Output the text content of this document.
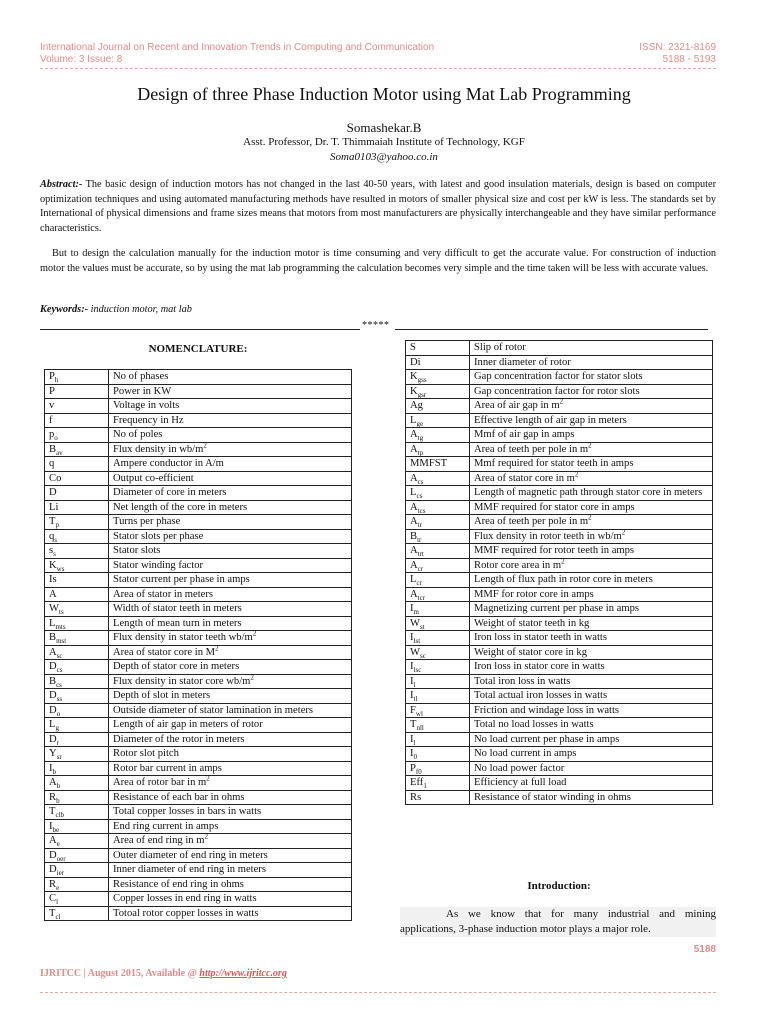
International Journal on Recent and Innovation Trends in Computing and Communication
Volume: 3 Issue: 8
ISSN: 2321-8169
5188 - 5193
Design of three Phase Induction Motor using Mat Lab Programming
Somashekar.B
Asst. Professor, Dr. T. Thimmaiah Institute of Technology, KGF
Soma0103@yahoo.co.in
Abstract:- The basic design of induction motors has not changed in the last 40-50 years, with latest and good insulation materials, design is based on computer optimization techniques and using automated manufacturing methods have resulted in motors of smaller physical size and cost per kW is less. The standards set by International of physical dimensions and frame sizes means that motors from most manufacturers are physically interchangeable and they have similar performance characteristics.
But to design the calculation manually for the induction motor is time consuming and very difficult to get the accurate value. For construction of induction motor the values must be accurate, so by using the mat lab programming the calculation becomes very simple and the time taken will be less with accurate values.
Keywords:- induction motor, mat lab
*****
NOMENCLATURE:
$P_h$	No of phases
P	Power in KW
v	Voltage in volts
f	Frequency in Hz
$p_o$	No of poles
$B_{av}$	Flux density in $wb/m^2$
q	Ampere conductor in A/m
Co	Output co-efficient
D	Diameter of core in meters
Li	Net length of the core in meters
$T_p$	Turns per phase
$q_s$	Stator slots per phase
$s_s$	Stator slots
$K_{ws}$	Stator winding factor
Is	Stator current per phase in amps
A	Area of stator in meters
$W_{ts}$	Width of stator teeth in meters
$L_{mts}$	Length of mean turn in meters
$B_{mst}$	Flux density in stator teeth $wb/m^2$
$A_{sc}$	Area of stator core in $M^2$
$D_{cs}$	Depth of stator core in meters
$B_{cs}$	Flux density in stator core $wb/m^2$
$D_{ss}$	Depth of slot in meters
$D_o$	Outside diameter of stator lamination in meters
$L_g$	Length of air gap in meters of rotor
$D_r$	Diameter of the rotor in meters
$Y_{sr}$	Rotor slot pitch
$I_b$	Rotor bar current in amps
$A_b$	Area of rotor bar in $m^2$
$R_b$	Resistance of each bar in ohms
$T_{clb}$	Total copper losses in bars in watts
$I_{be}$	End ring current in amps
$A_e$	Area of end ring in $m^2$
$D_{oer}$	Outer diameter of end ring in meters
$D_{ier}$	Inner diameter of end ring in meters
$R_e$	Resistance of end ring in ohms
$C_l$	Copper losses in end ring in watts
$T_{cl}$	Totoal rotor copper losses in watts
S	Slip of rotor
Di	Inner diameter of rotor
$K_{gss}$	Gap concentration factor for stator slots
$K_{gsr}$	Gap concentration factor for rotor slots
Ag	Area of air gap in $m^2$
$L_{ge}$	Effective length of air gap in meters
$A_{tg}$	Mmf of air gap in amps
$A_{tp}$	Area of teeth per pole in $m^2$
MMFST	Mmf required for stator teeth in amps
$A_{cs}$	Area of stator core in $m^2$
$L_{cs}$	Length of magnetic path through stator core in meters
$A_{tcs}$	MMF required for stator core in amps
$A_{tr}$	Area of teeth per pole in $m^2$
$B_{tr}$	Flux density in rotor teeth in $wb/m^2$
$A_{trt}$	MMF required for rotor teeth in amps
$A_{cr}$	Rotor core area in $m^2$
$L_{cr}$	Length of flux path in rotor core in meters
$A_{tcr}$	MMF for rotor core in amps
$I_m$	Magnetizing current per phase in amps
$W_{st}$	Weight of stator teeth in kg
$I_{lst}$	Iron loss in stator teeth in watts
$W_{sc}$	Weight of stator core in kg
$I_{lsc}$	Iron loss in stator core in watts
$I_l$	Total iron loss in watts
$I_{tl}$	Total actual iron losses in watts
$F_{wl}$	Friction and windage loss in watts
$T_{nll}$	Total no load losses in watts
$I_l$	No load current per phase in amps
$I_0$	No load current in amps
$P_{f0}$	No load power factor
Eff$_1$	Efficiency at full load
Rs	Resistance of stator winding in ohms
Introduction:
As we know that for many industrial and mining applications, 3-phase induction motor plays a major role.
5188
IJRITCC | August 2015, Available @ http://www.ijritcc.org
